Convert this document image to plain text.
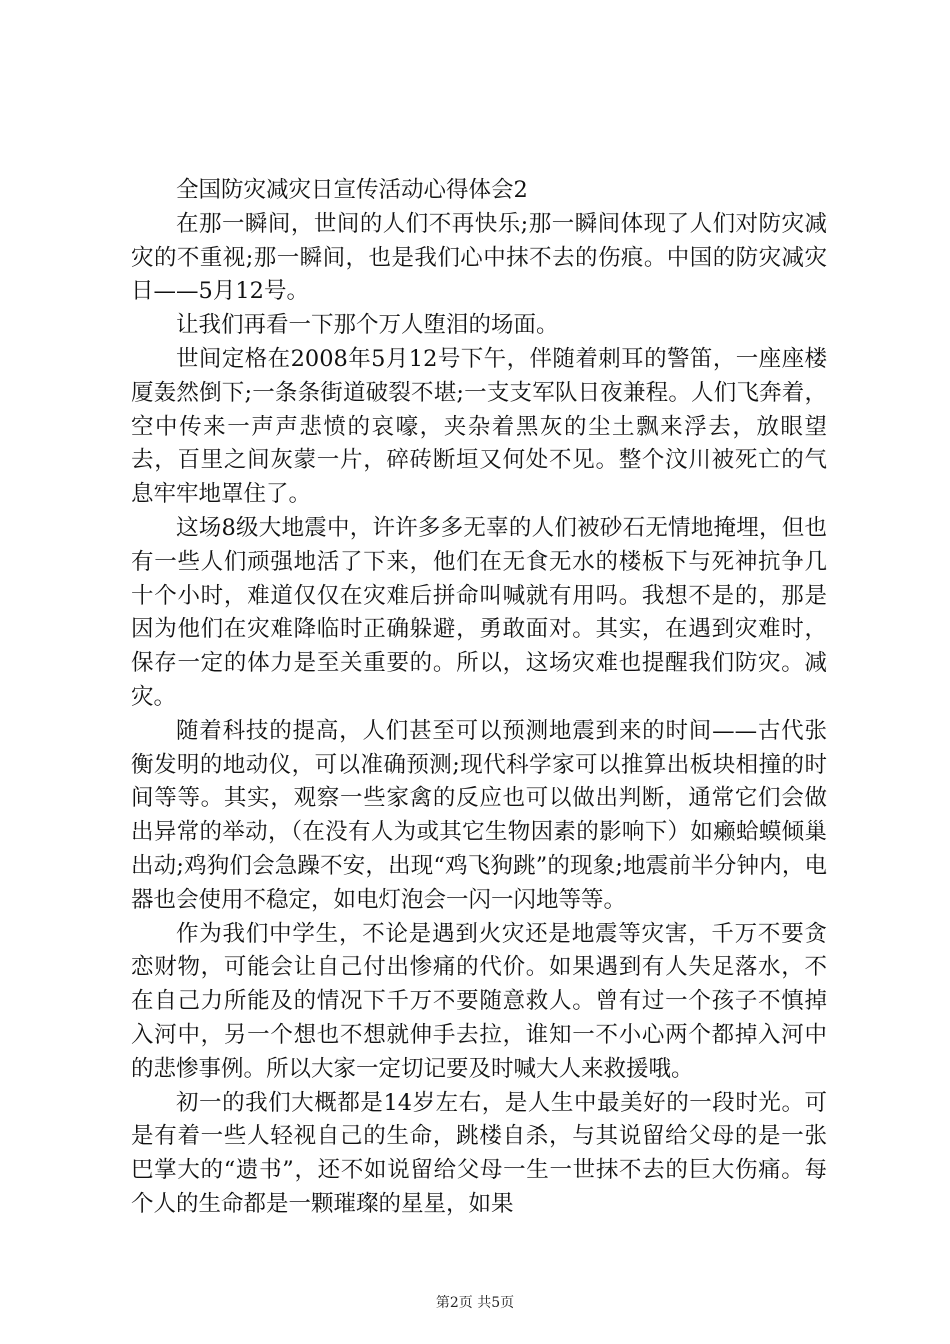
全国防灾减灾日宣传活动心得体会2

在那一瞬间，世间的人们不再快乐;那一瞬间体现了人们对防灾减灾的不重视;那一瞬间，也是我们心中抹不去的伤痕。中国的防灾减灾日——5月12号。

让我们再看一下那个万人堕泪的场面。

世间定格在2008年5月12号下午，伴随着刺耳的警笛，一座座楼厦轰然倒下;一条条街道破裂不堪;一支支军队日夜兼程。人们飞奔着，空中传来一声声悲愤的哀嚎，夹杂着黑灰的尘土飘来浮去，放眼望去，百里之间灰蒙一片，碎砖断垣又何处不见。整个汶川被死亡的气息牢牢地罩住了。

这场8级大地震中，许许多多无辜的人们被砂石无情地掩埋，但也有一些人们顽强地活了下来，他们在无食无水的楼板下与死神抗争几十个小时，难道仅仅在灾难后拼命叫喊就有用吗。我想不是的，那是因为他们在灾难降临时正确躲避，勇敢面对。其实，在遇到灾难时，保存一定的体力是至关重要的。所以，这场灾难也提醒我们防灾。减灾。

随着科技的提高，人们甚至可以预测地震到来的时间——古代张衡发明的地动仪，可以准确预测;现代科学家可以推算出板块相撞的时间等等。其实，观察一些家禽的反应也可以做出判断，通常它们会做出异常的举动，（在没有人为或其它生物因素的影响下）如癞蛤蟆倾巢出动;鸡狗们会急躁不安，出现“鸡飞狗跳”的现象;地震前半分钟内，电器也会使用不稳定，如电灯泡会一闪一闪地等等。

作为我们中学生，不论是遇到火灾还是地震等灾害，千万不要贪恋财物，可能会让自己付出惨痛的代价。如果遇到有人失足落水，不在自己力所能及的情况下千万不要随意救人。曾有过一个孩子不慎掉入河中，另一个想也不想就伸手去拉，谁知一不小心两个都掉入河中的悲惨事例。所以大家一定切记要及时喊大人来救援哦。

初一的我们大概都是14岁左右，是人生中最美好的一段时光。可是有着一些人轻视自己的生命，跳楼自杀，与其说留给父母的是一张巴掌大的“遗书”，还不如说留给父母一生一世抹不去的巨大伤痛。每个人的生命都是一颗璀璨的星星，如果

第2页 共5页
